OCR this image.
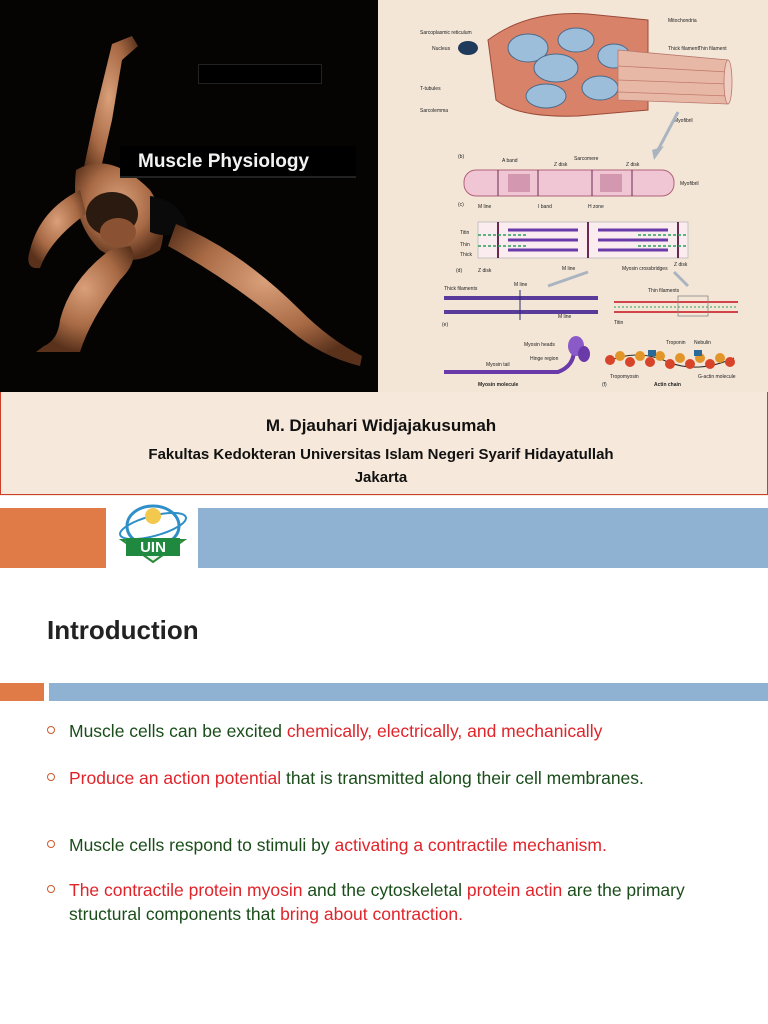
Muscle Physiology
Sarcoplasmic reticulum
Nucleus
T-tubules
Sarcolemma
Mitochondria
Thick filament Thin filament
Myofibril
(b)
A band	Sarcomere
Z disk	Z disk
Myofibril
(c)	M line	I band	H zone
Titin
Thin
Thick
(d)	Z disk	M line	Myosin crossbridges
Z disk
Thick filaments
M line
M line
(e)
Thin filaments
Titin
Myosin heads
Myosin tail
Hinge region
Myosin molecule
Troponin Nebulin
Tropomyosin	G-actin molecule
(f)	Actin chain
M. Djauhari Widjajakusumah
Fakultas Kedokteran Universitas Islam Negeri Syarif Hidayatullah
Jakarta
UIN
Introduction
Muscle cells can be excited chemically, electrically, and mechanically
Produce an action potential that is transmitted along their cell membranes.
Muscle cells respond to stimuli by activating a contractile mechanism.
The contractile protein myosin and the cytoskeletal protein actin are the primary structural components that bring about contraction.
